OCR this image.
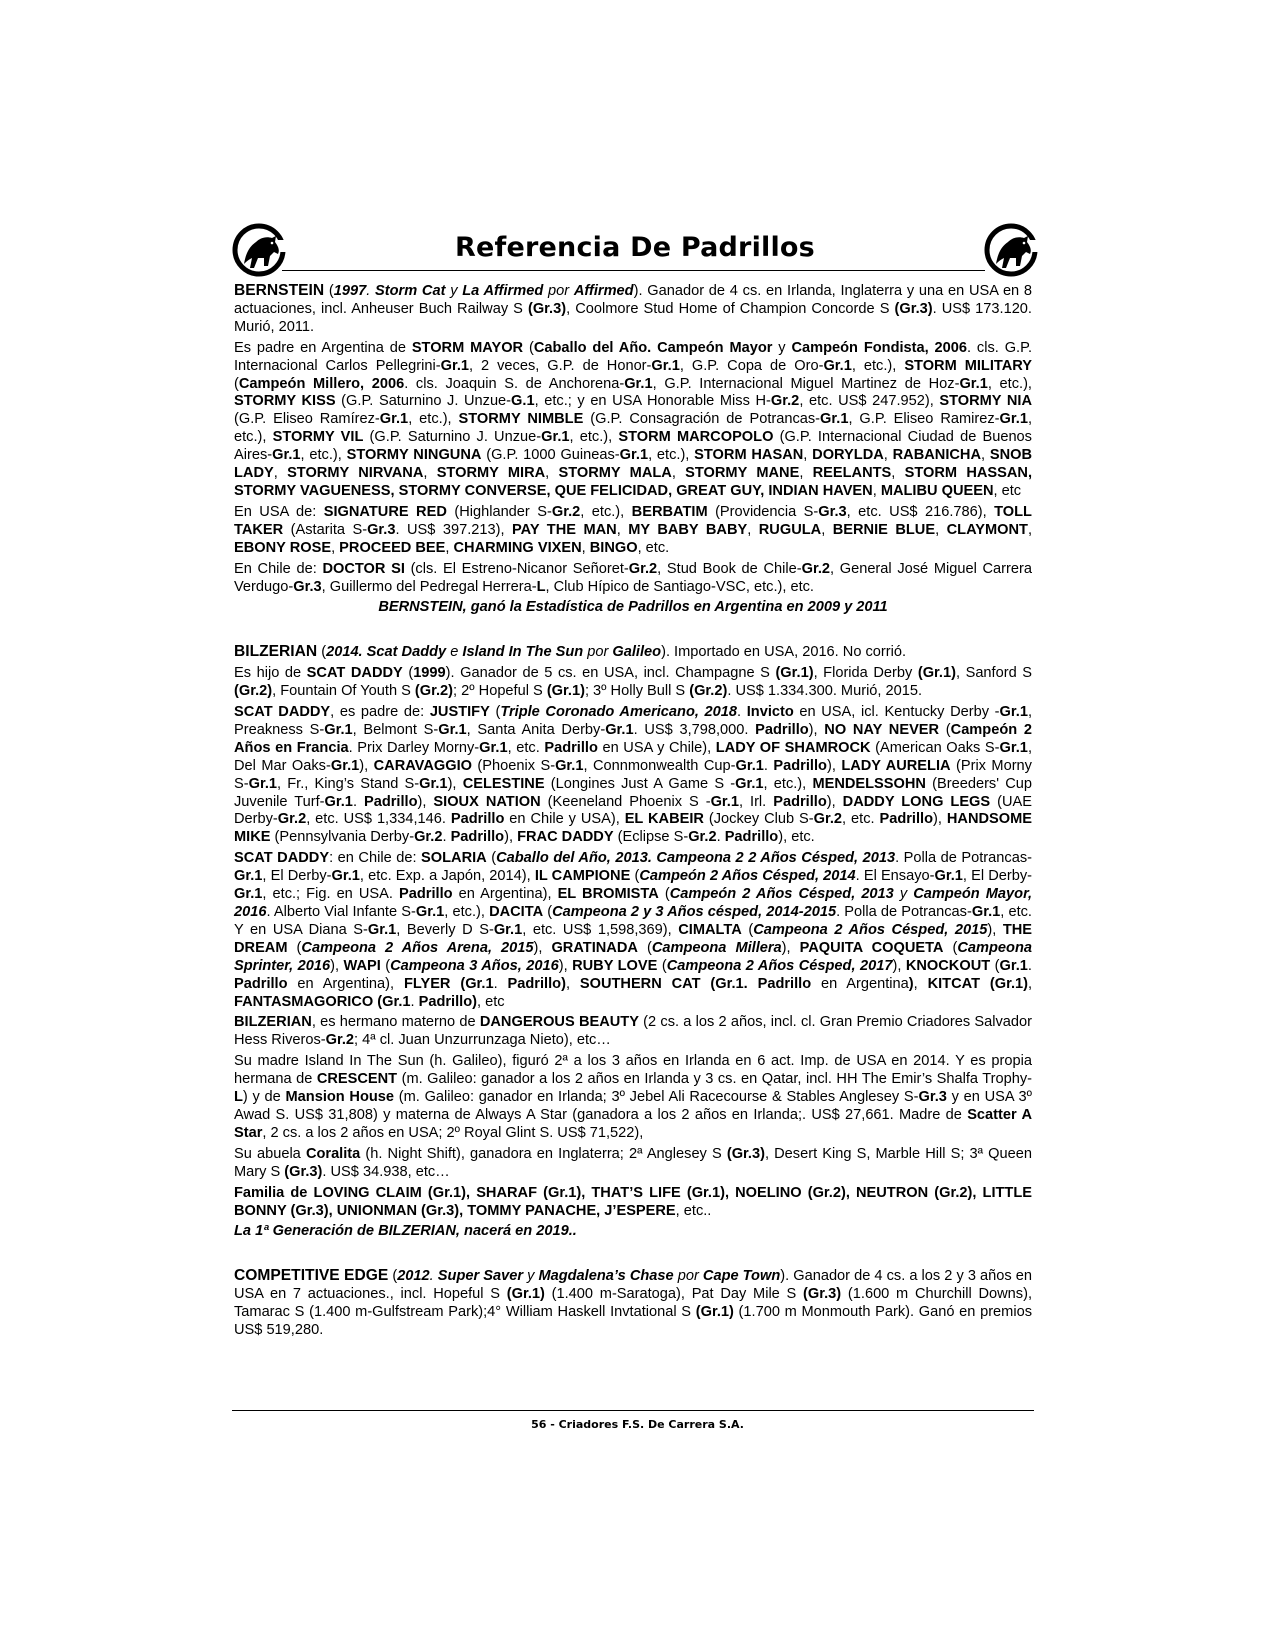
Referencia De Padrillos

BERNSTEIN (1997. Storm Cat y La Affirmed por Affirmed). Ganador de 4 cs. en Irlanda, Inglaterra y una en USA en 8 actuaciones, incl. Anheuser Buch Railway S (Gr.3), Coolmore Stud Home of Champion Concorde S (Gr.3). US$ 173.120. Murió, 2011.

Es padre en Argentina de STORM MAYOR (Caballo del Año. Campeón Mayor y Campeón Fondista, 2006. cls. G.P. Internacional Carlos Pellegrini-Gr.1, 2 veces, G.P. de Honor-Gr.1, G.P. Copa de Oro-Gr.1, etc.), STORM MILITARY (Campeón Millero, 2006. cls. Joaquin S. de Anchorena-Gr.1, G.P. Internacional Miguel Martinez de Hoz-Gr.1, etc.), STORMY KISS (G.P. Saturnino J. Unzue-G.1, etc.; y en USA Honorable Miss H-Gr.2, etc. US$ 247.952), STORMY NIA (G.P. Eliseo Ramírez-Gr.1, etc.), STORMY NIMBLE (G.P. Consagración de Potrancas-Gr.1, G.P. Eliseo Ramirez-Gr.1, etc.), STORMY VIL (G.P. Saturnino J. Unzue-Gr.1, etc.), STORM MARCOPOLO (G.P. Internacional Ciudad de Buenos Aires-Gr.1, etc.), STORMY NINGUNA (G.P. 1000 Guineas-Gr.1, etc.), STORM HASAN, DORYLDA, RABANICHA, SNOB LADY, STORMY NIRVANA, STORMY MIRA, STORMY MALA, STORMY MANE, REELANTS, STORM HASSAN, STORMY VAGUENESS, STORMY CONVERSE, QUE FELICIDAD, GREAT GUY, INDIAN HAVEN, MALIBU QUEEN, etc

En USA de: SIGNATURE RED (Highlander S-Gr.2, etc.), BERBATIM (Providencia S-Gr.3, etc. US$ 216.786), TOLL TAKER (Astarita S-Gr.3. US$ 397.213), PAY THE MAN, MY BABY BABY, RUGULA, BERNIE BLUE, CLAYMONT, EBONY ROSE, PROCEED BEE, CHARMING VIXEN, BINGO, etc.

En Chile de: DOCTOR SI (cls. El Estreno-Nicanor Señoret-Gr.2, Stud Book de Chile-Gr.2, General José Miguel Carrera Verdugo-Gr.3, Guillermo del Pedregal Herrera-L, Club Hípico de Santiago-VSC, etc.), etc.

BERNSTEIN, ganó la Estadística de Padrillos en Argentina en 2009 y 2011

BILZERIAN (2014. Scat Daddy e Island In The Sun por Galileo). Importado en USA, 2016. No corrió.

Es hijo de SCAT DADDY (1999). Ganador de 5 cs. en USA, incl. Champagne S (Gr.1), Florida Derby (Gr.1), Sanford S (Gr.2), Fountain Of Youth S (Gr.2); 2º Hopeful S (Gr.1); 3º Holly Bull S (Gr.2). US$ 1.334.300. Murió, 2015.

SCAT DADDY, es padre de: JUSTIFY (Triple Coronado Americano, 2018. Invicto en USA, icl. Kentucky Derby -Gr.1, Preakness S-Gr.1, Belmont S-Gr.1, Santa Anita Derby-Gr.1. US$ 3,798,000. Padrillo), NO NAY NEVER (Campeón 2 Años en Francia. Prix Darley Morny-Gr.1, etc. Padrillo en USA y Chile), LADY OF SHAMROCK (American Oaks S-Gr.1, Del Mar Oaks-Gr.1), CARAVAGGIO (Phoenix S-Gr.1, Connmonwealth Cup-Gr.1. Padrillo), LADY AURELIA (Prix Morny S-Gr.1, Fr., King’s Stand S-Gr.1), CELESTINE (Longines Just A Game S -Gr.1, etc.), MENDELSSOHN (Breeders' Cup Juvenile Turf-Gr.1. Padrillo), SIOUX NATION (Keeneland Phoenix S -Gr.1, Irl. Padrillo), DADDY LONG LEGS (UAE Derby-Gr.2, etc. US$ 1,334,146. Padrillo en Chile y USA), EL KABEIR (Jockey Club S-Gr.2, etc. Padrillo), HANDSOME MIKE (Pennsylvania Derby-Gr.2. Padrillo), FRAC DADDY (Eclipse S-Gr.2. Padrillo), etc.

SCAT DADDY: en Chile de: SOLARIA (Caballo del Año, 2013. Campeona 2 2 Años Césped, 2013. Polla de Potrancas-Gr.1, El Derby-Gr.1, etc. Exp. a Japón, 2014), IL CAMPIONE (Campeón 2 Años Césped, 2014. El Ensayo-Gr.1, El Derby-Gr.1, etc.; Fig. en USA. Padrillo en Argentina), EL BROMISTA (Campeón 2 Años Césped, 2013 y Campeón Mayor, 2016. Alberto Vial Infante S-Gr.1, etc.), DACITA (Campeona 2 y 3 Años césped, 2014-2015. Polla de Potrancas-Gr.1, etc. Y en USA Diana S-Gr.1, Beverly D S-Gr.1, etc. US$ 1,598,369), CIMALTA (Campeona 2 Años Césped, 2015), THE DREAM (Campeona 2 Años Arena, 2015), GRATINADA (Campeona Millera), PAQUITA COQUETA (Campeona Sprinter, 2016), WAPI (Campeona 3 Años, 2016), RUBY LOVE (Campeona 2 Años Césped, 2017), KNOCKOUT (Gr.1. Padrillo en Argentina), FLYER (Gr.1. Padrillo), SOUTHERN CAT (Gr.1. Padrillo en Argentina), KITCAT (Gr.1), FANTASMAGORICO (Gr.1. Padrillo), etc

BILZERIAN, es hermano materno de DANGEROUS BEAUTY (2 cs. a los 2 años, incl. cl. Gran Premio Criadores Salvador Hess Riveros-Gr.2; 4ª cl. Juan Unzurrunzaga Nieto), etc…

Su madre Island In The Sun (h. Galileo), figuró 2ª a los 3 años en Irlanda en 6 act. Imp. de USA en 2014. Y es propia hermana de CRESCENT (m. Galileo: ganador a los 2 años en Irlanda y 3 cs. en Qatar, incl. HH The Emir’s Shalfa Trophy-L) y de Mansion House (m. Galileo: ganador en Irlanda; 3º Jebel Ali Racecourse & Stables Anglesey S-Gr.3 y en USA 3º Awad S. US$ 31,808) y materna de Always A Star (ganadora a los 2 años en Irlanda;. US$ 27,661. Madre de Scatter A Star, 2 cs. a los 2 años en USA; 2º Royal Glint S. US$ 71,522),

Su abuela Coralita (h. Night Shift), ganadora en Inglaterra; 2ª Anglesey S (Gr.3), Desert King S, Marble Hill S; 3ª Queen Mary S (Gr.3). US$ 34.938, etc…

Familia de LOVING CLAIM (Gr.1), SHARAF (Gr.1), THAT’S LIFE (Gr.1), NOELINO (Gr.2), NEUTRON (Gr.2), LITTLE BONNY (Gr.3), UNIONMAN (Gr.3), TOMMY PANACHE, J’ESPERE, etc..

La 1ª Generación de BILZERIAN, nacerá en 2019..

COMPETITIVE EDGE (2012. Super Saver y Magdalena’s Chase por Cape Town). Ganador de 4 cs. a los 2 y 3 años en USA en 7 actuaciones., incl. Hopeful S (Gr.1) (1.400 m-Saratoga), Pat Day Mile S (Gr.3) (1.600 m Churchill Downs), Tamarac S (1.400 m-Gulfstream Park);4° William Haskell Invtational S (Gr.1) (1.700 m Monmouth Park). Ganó en premios US$ 519,280.

56 - Criadores F.S. De Carrera S.A.
